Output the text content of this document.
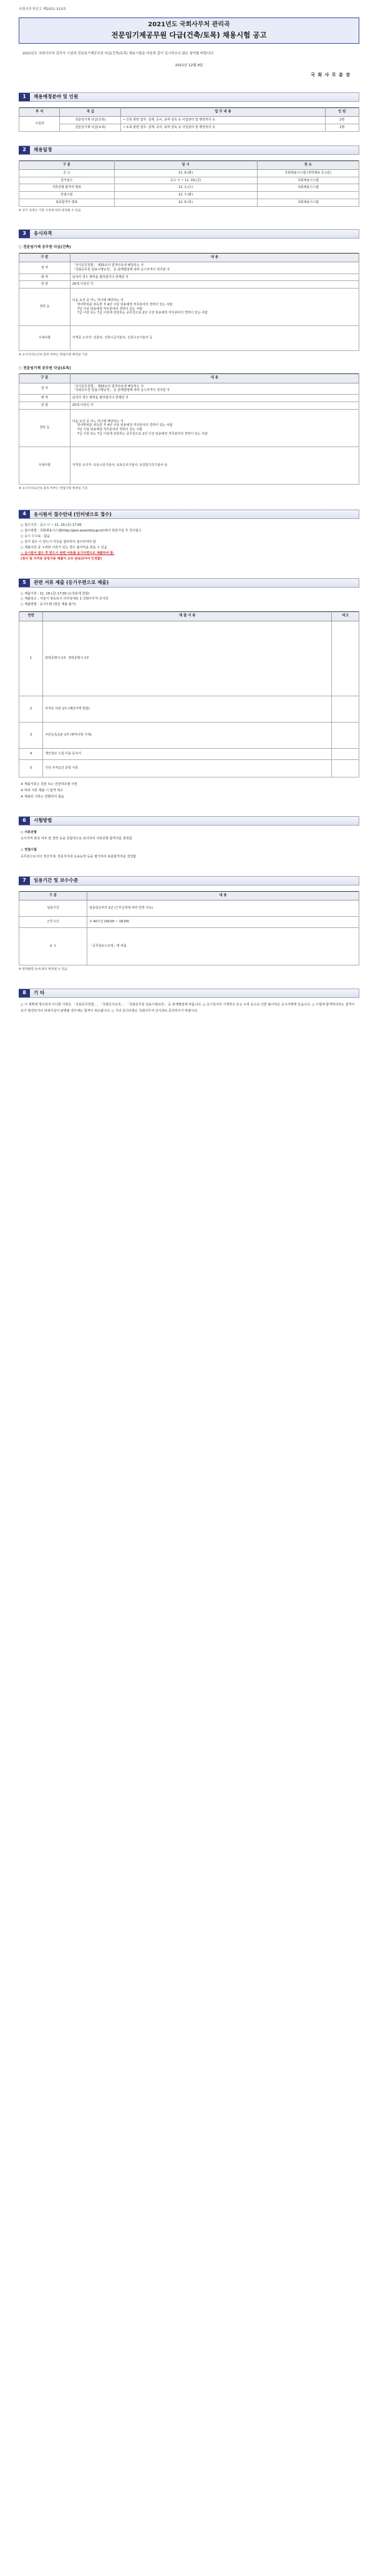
국회사무처공고 제2021-313호
2021년도 국회사무처 관리곡
전문임기제공무원 다급(건축/토목) 채용시험 공고
2021년도 국회사무처 관리곡 시설과 전문임기제공무원 다급(건축/토목) 채용시험을 다음과 같이 실시하오니 많은 참여를 바랍니다.
2021년 12월 9일
국 회 사 무 총 장
1	채용예정분야 및 인원
부 서	직 급	업 무 내 용	인 원
시설과	전문임기제 다급(건축)	• 건축 관련 업무: 설계, 공사, 용역 감독 등 사업관리 및 행정처리 등	2명
	전문임기제 다급(토목)	• 토목 관련 업무: 설계, 공사, 용역 감독 등 사업관리 및 행정처리 등	1명
2	채용일정
구 분	일 시	장 소
공 고	11. 9.(화)	국회채용시스템 (경력채용 공고문)
원서접수	공고 시 ~ 11. 19.(금)	국회채용시스템
서류전형 합격자 발표	12. 1.(수)	국회채용시스템
면접시험	12. 7.(화)	
최종합격자 발표	12. 9.(목)	국회채용시스템
※ 상기 일정은 기관 사정에 따라 변경될 수 있음
3	응시자격
○ 전문임기제 공무원 다급(건축)
구 분	내 용
결 격	「국가공무원법」 제33조의 결격사유에 해당하는 자
「국회공무원 임용시행규칙」 등 관계법령에 따라 응시자격이 정지된 자

병 역	남자의 경우 병역을 필하였거나 면제된 자
연 령	20세 이상인 자
경력 등	다음 요건 중 어느 하나에 해당하는 자
박사학위를 취득한 후 4년 이상 임용예정 직무분야의 경력이 있는 사람
7년 이상 임용예정 직무분야의 경력이 있는 사람
7급 이상 또는 7급 이상에 상당하는 공무원으로 2년 이상 임용예정 직무분야의 경력이 있는 사람

우대사항	자격증 소지자: 건축사, 건축시공기술사, 건축구조기술사 등
※ 응시자격요건의 충족 여부는 면접시험 예정일 기준
○ 전문임기제 공무원 다급(토목)
구 분	내 용
결 격	「국가공무원법」 제33조의 결격사유에 해당하는 자
「국회공무원 임용시행규칙」 등 관계법령에 따라 응시자격이 정지된 자

병 역	남자의 경우 병역을 필하였거나 면제된 자
연 령	20세 이상인 자
경력 등	다음 요건 중 어느 하나에 해당하는 자
박사학위를 취득한 후 4년 이상 임용예정 직무분야의 경력이 있는 사람
7년 이상 임용예정 직무분야의 경력이 있는 사람
7급 이상 또는 7급 이상에 상당하는 공무원으로 2년 이상 임용예정 직무분야의 경력이 있는 사람

우대사항	자격증 소지자: 토목시공기술사, 토목구조기술사, 토질및기초기술사 등
※ 응시자격요건의 충족 여부는 면접시험 예정일 기준
4	응시원서 접수안내 (인터넷으로 접수)
○ 접수기간 : 공고 시 ~ 11. 19.(금) 17:00
○ 접수방법 : 국회채용시스템(http://gosi.assembly.go.kr)에서 회원가입 후 원서접수
○ 응시 수수료 : 없음
○ 원서 접수 시 반드시 사진을 첨부하여 접수하여야 함
○ 제출서류 중 누락된 서류가 있는 경우 불이익을 받을 수 있음
○ 응시원서 접수 후 반드시 관련 서류를 등기우편으로 제출하여 함.
(원서 및 자격증 증빙서류 제출이 모두 완료되어야 인정함)
5	관련 서류 제출 (등기우편으로 제출)
○ 제출기한 : 11. 19.(금) 17:00 (도착분에 한함)
○ 제출장소 : 서울시 영등포구 의사당대로 1 국회사무처 인사과
○ 제출방법 : 등기우편 (방문 제출 불가)
연번	제 출 서 류	비고
1	학력증명서 1부, 경력증명서 1부	
2	자격증 사본 1부 (해당자에 한함)	
3	주민등록초본 1부 (병역사항 기재)	
4	개인정보 수집·이용 동의서	
5	기타 자격요건 증빙 서류	
※ 제출서류는 원본 또는 원본대조필 사본
※ 허위 서류 제출 시 합격 취소
※ 제출된 서류는 반환하지 않음
6	시험방법
○ 서류전형
응시자격 충족 여부 및 경력 등을 종합적으로 심사하여 서류전형 합격자를 결정함
○ 면접시험
공무원으로서의 정신자세, 전문지식과 응용능력 등을 평가하여 최종합격자를 결정함
7	임용기간 및 보수수준
구 분	내 용
임용기간	임용일로부터 2년 (근무실적에 따라 연장 가능)
근무시간	주 40시간 (09:00 ~ 18:00)
보 수	「공무원보수규정」에 따름
※ 관계법령 등에 따라 변경될 수 있음
8	기 타
○ 이 계획에 명시되지 아니한 사항은 「국회공무원법」, 「국회인사규칙」, 「국회공무원 임용시행규칙」 등 관계법령에 따릅니다. ○ 응시원서의 기재착오 또는 누락 등으로 인한 불이익은 응시자에게 있습니다. ○ 시험에 합격하더라도 결격사유가 발견되거나 허위사실이 판명될 경우에는 합격이 취소됩니다. ○ 기타 문의사항은 국회사무처 인사과로 문의하시기 바랍니다.
